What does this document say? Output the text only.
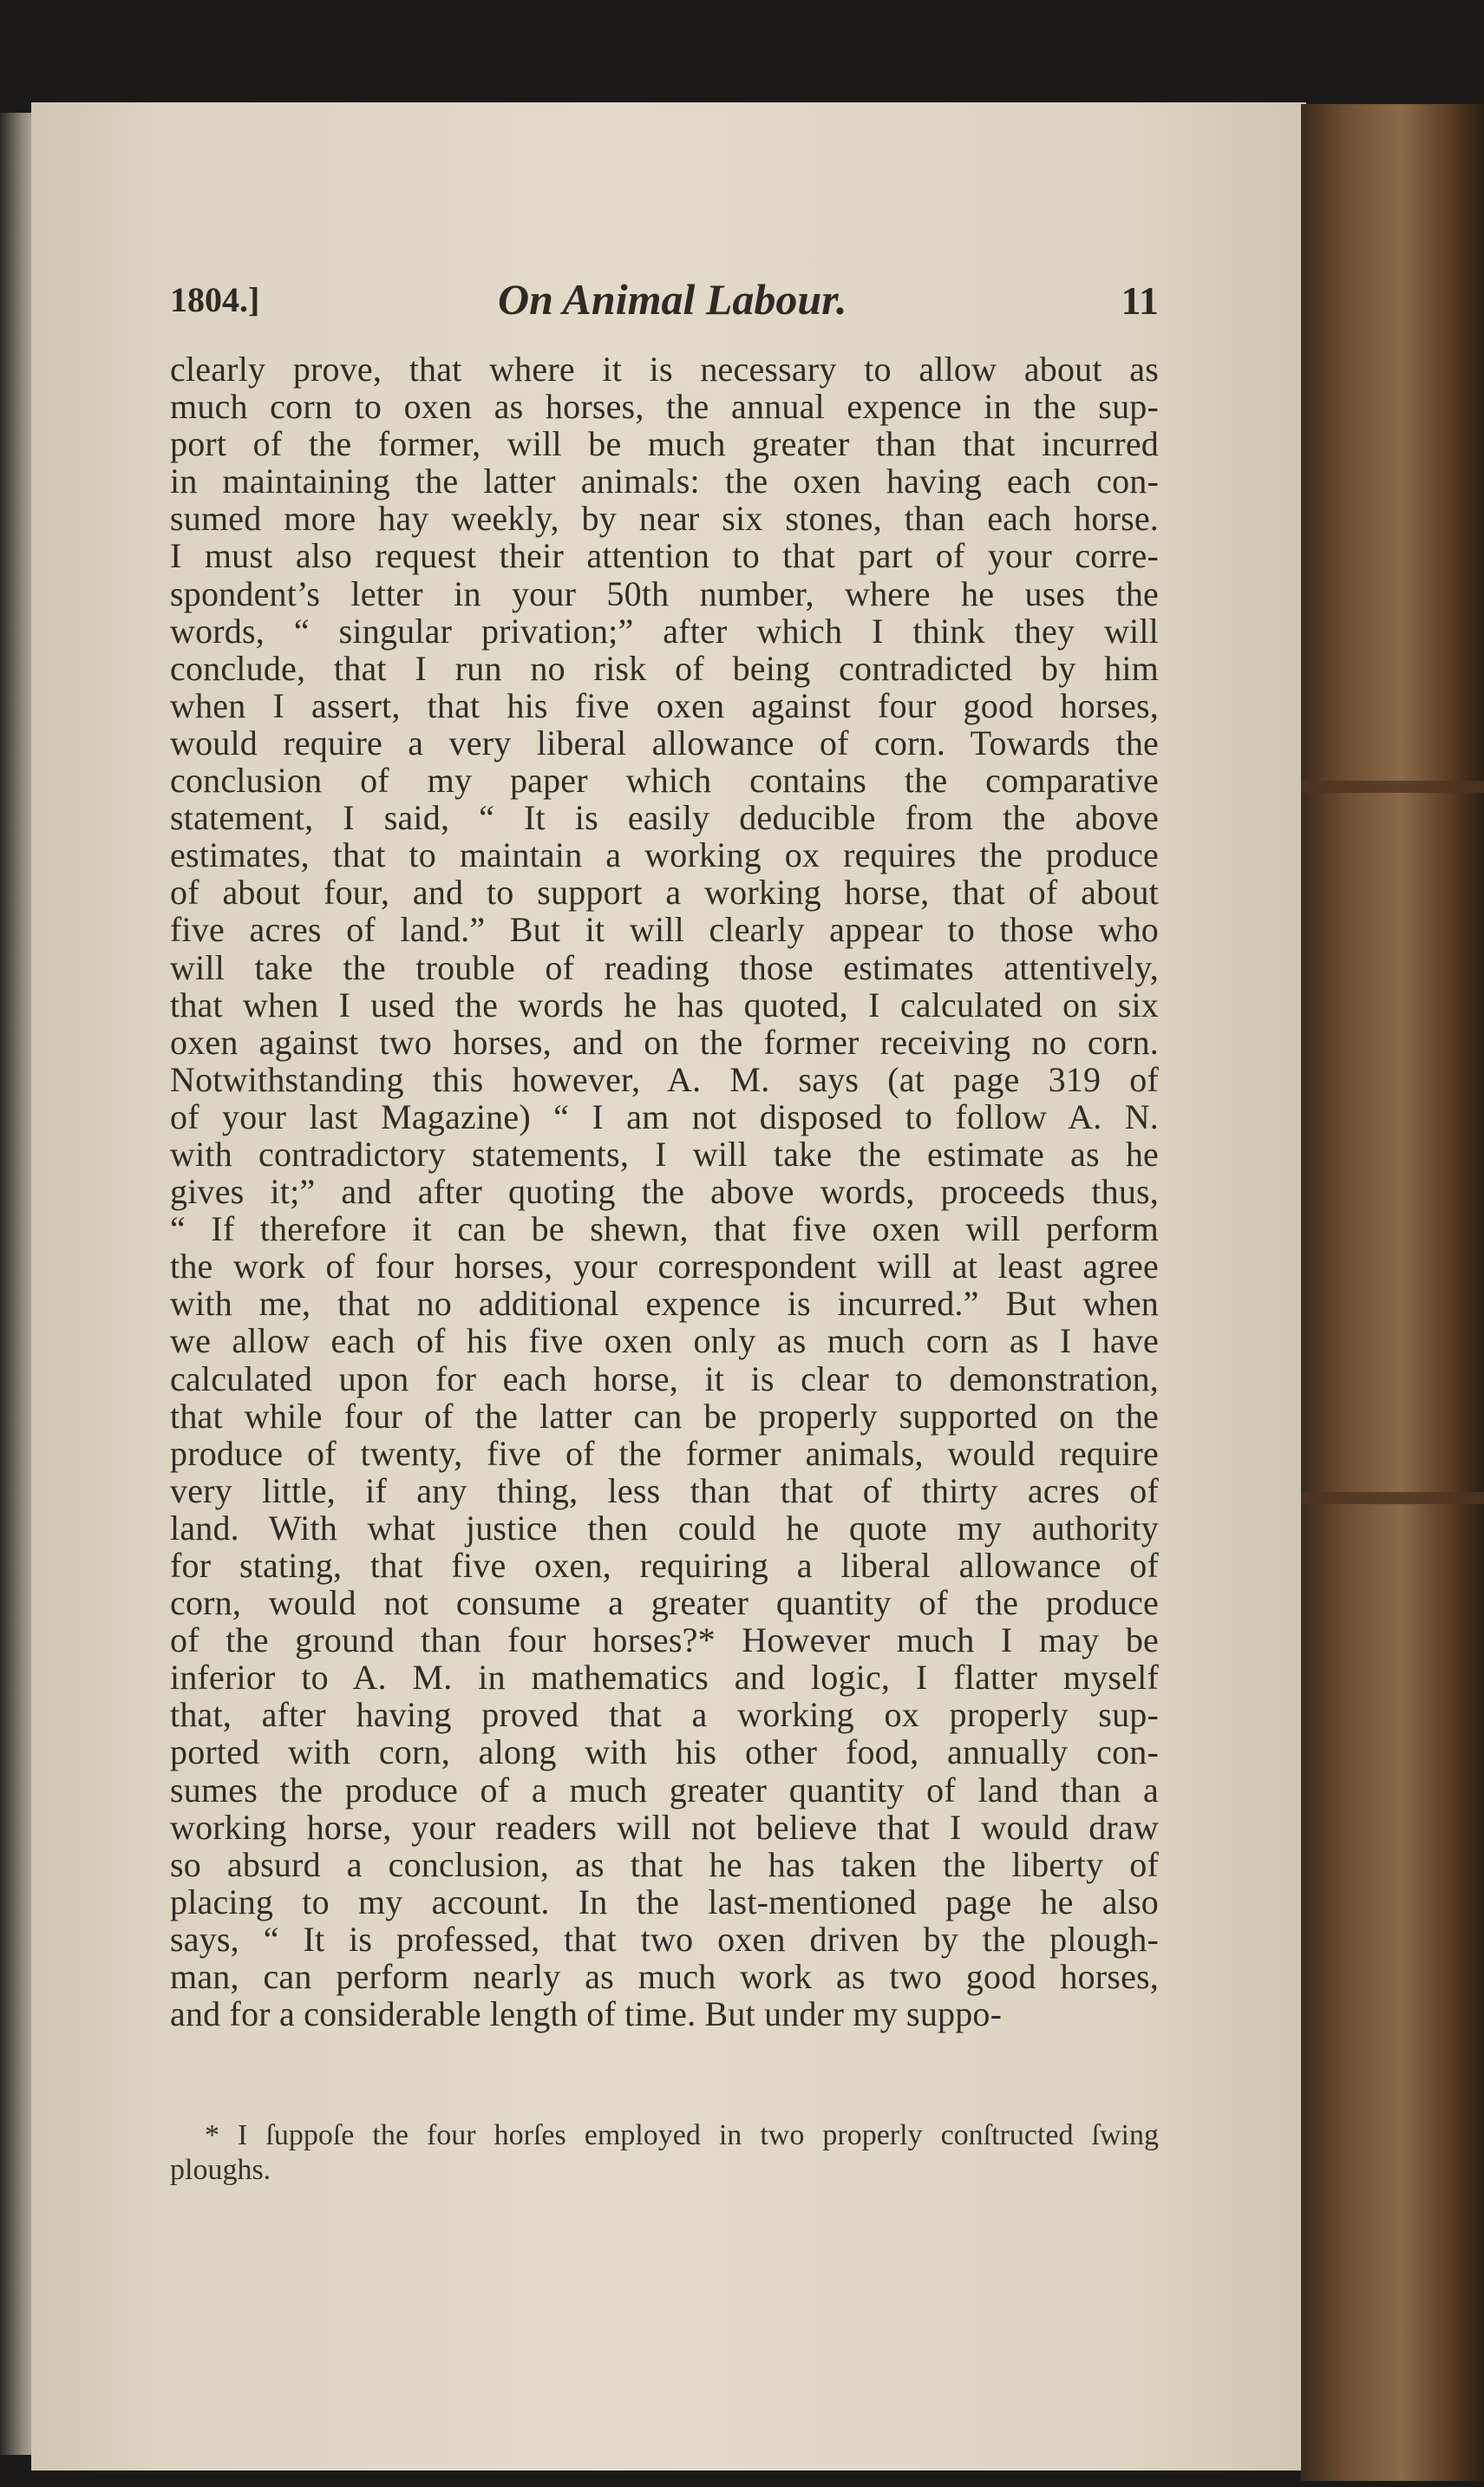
1804.]	On Animal Labour.	11
clearly prove, that where it is necessary to allow about as
much corn to oxen as horses, the annual expence in the sup-
port of the former, will be much greater than that incurred
in maintaining the latter animals: the oxen having each con-
sumed more hay weekly, by near six stones, than each horse.
I must also request their attention to that part of your corre-
spondent’s letter in your 50th number, where he uses the
words, “ singular privation;” after which I think they will
conclude, that I run no risk of being contradicted by him
when I assert, that his five oxen against four good horses,
would require a very liberal allowance of corn. Towards the
conclusion of my paper which contains the comparative
statement, I said, “ It is easily deducible from the above
estimates, that to maintain a working ox requires the produce
of about four, and to support a working horse, that of about
five acres of land.” But it will clearly appear to those who
will take the trouble of reading those estimates attentively,
that when I used the words he has quoted, I calculated on six
oxen against two horses, and on the former receiving no corn.
Notwithstanding this however, A. M. says (at page 319 of
of your last Magazine) “ I am not disposed to follow A. N.
with contradictory statements, I will take the estimate as he
gives it;” and after quoting the above words, proceeds thus,
“ If therefore it can be shewn, that five oxen will perform
the work of four horses, your correspondent will at least agree
with me, that no additional expence is incurred.” But when
we allow each of his five oxen only as much corn as I have
calculated upon for each horse, it is clear to demonstration,
that while four of the latter can be properly supported on the
produce of twenty, five of the former animals, would require
very little, if any thing, less than that of thirty acres of
land. With what justice then could he quote my authority
for stating, that five oxen, requiring a liberal allowance of
corn, would not consume a greater quantity of the produce
of the ground than four horses?* However much I may be
inferior to A. M. in mathematics and logic, I flatter myself
that, after having proved that a working ox properly sup-
ported with corn, along with his other food, annually con-
sumes the produce of a much greater quantity of land than a
working horse, your readers will not believe that I would draw
so absurd a conclusion, as that he has taken the liberty of
placing to my account. In the last-mentioned page he also
says, “ It is professed, that two oxen driven by the plough-
man, can perform nearly as much work as two good horses,
and for a considerable length of time. But under my suppo-
* I ſuppoſe the four horſes employed in two properly conſtructed ſwing
ploughs.
